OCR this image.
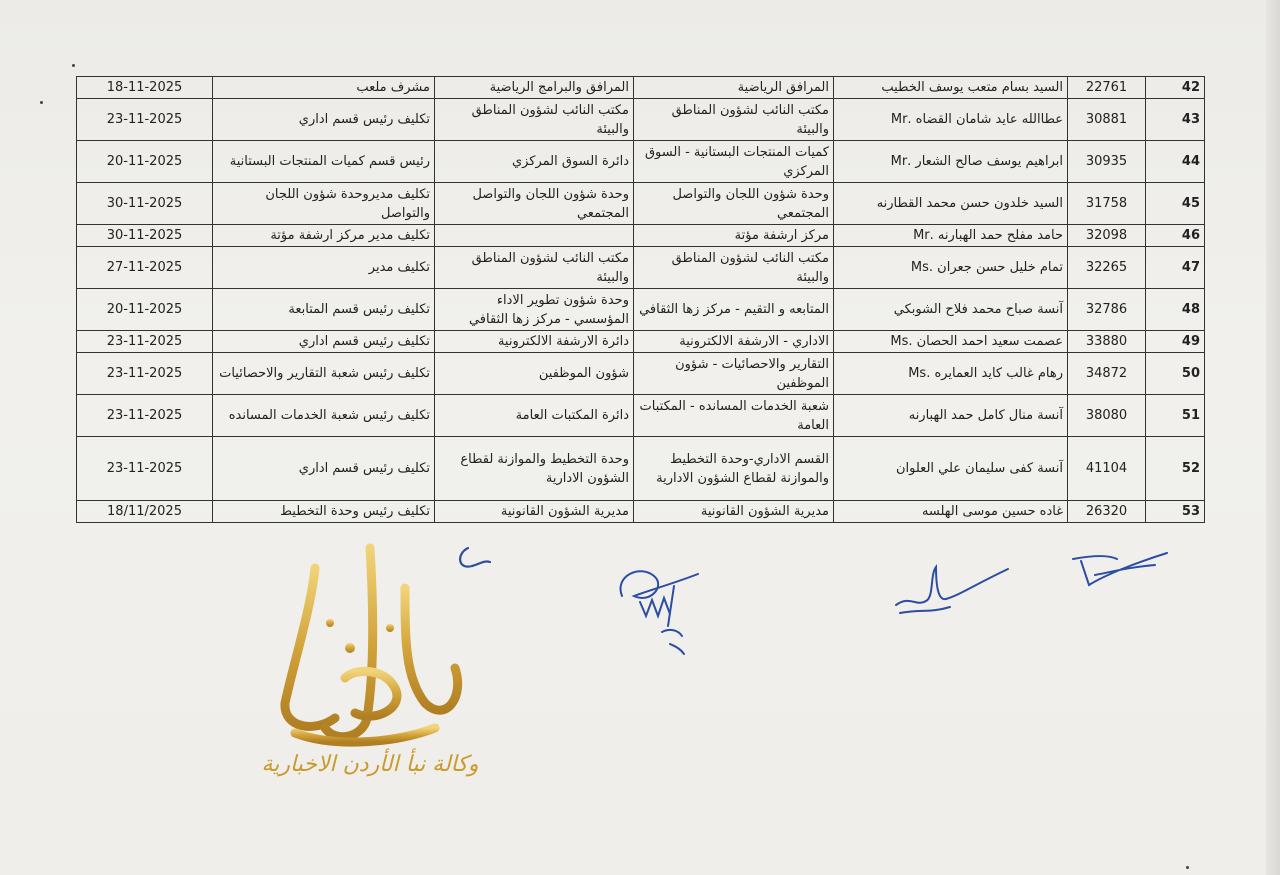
18-11-2025	مشرف ملعب	المرافق والبرامج الرياضية	المرافق الرياضية	السيد بسام متعب يوسف الخطيب	22761	42
23-11-2025	تكليف رئيس قسم اداري	مكتب النائب لشؤون المناطق والبيئة	مكتب النائب لشؤون المناطق والبيئة	عطاالله عايد شامان القضاه .Mr	30881	43
20-11-2025	رئيس قسم كميات المنتجات البستانية	دائرة السوق المركزي	كميات المنتجات البستانية - السوق المركزي	ابراهيم يوسف صالح الشعار .Mr	30935	44
30-11-2025	تكليف مديروحدة شؤون اللجان والتواصل	وحدة شؤون اللجان والتواصل المجتمعي	وحدة شؤون اللجان والتواصل المجتمعي	السيد خلدون حسن محمد القطارنه	31758	45
30-11-2025	تكليف مدير مركز ارشفة مؤتة		مركز ارشفة مؤتة	حامد مفلح حمد الهبارنه .Mr	32098	46
27-11-2025	تكليف مدير	مكتب النائب لشؤون المناطق والبيئة	مكتب النائب لشؤون المناطق والبيئة	تمام خليل حسن جعران .Ms	32265	47
20-11-2025	تكليف رئيس قسم المتابعة	وحدة شؤون تطوير الاداء المؤسسي - مركز زها الثقافي	المتابعه و التقيم - مركز زها الثقافي	آنسة صباح محمد فلاح الشوبكي	32786	48
23-11-2025	تكليف رئيس قسم اداري	دائرة الارشفة الالكترونية	الاداري - الارشفة الالكترونية	عصمت سعيد احمد الحصان .Ms	33880	49
23-11-2025	تكليف رئيس شعبة التقارير والاحصائيات	شؤون الموظفين	التقارير والاحصائيات - شؤون الموظفين	رهام غالب كايد العمايره .Ms	34872	50
23-11-2025	تكليف رئيس شعبة الخدمات المسانده	دائرة المكتبات العامة	شعبة الخدمات المسانده - المكتبات العامة	آنسة منال كامل حمد الهبارنه	38080	51
23-11-2025	تكليف رئيس قسم اداري	وحدة التخطيط والموازنة لقطاع الشؤون الادارية	القسم الاداري-وحدة التخطيط والموازنة لقطاع الشؤون الادارية	آنسة كفى سليمان علي العلوان	41104	52
18/11/2025	تكليف رئيس وحدة التخطيط	مديرية الشؤون القانونية	مديرية الشؤون القانونية	غاده حسين موسى الهلسه	26320	53
وكالة نبأ الأردن الاخبارية
